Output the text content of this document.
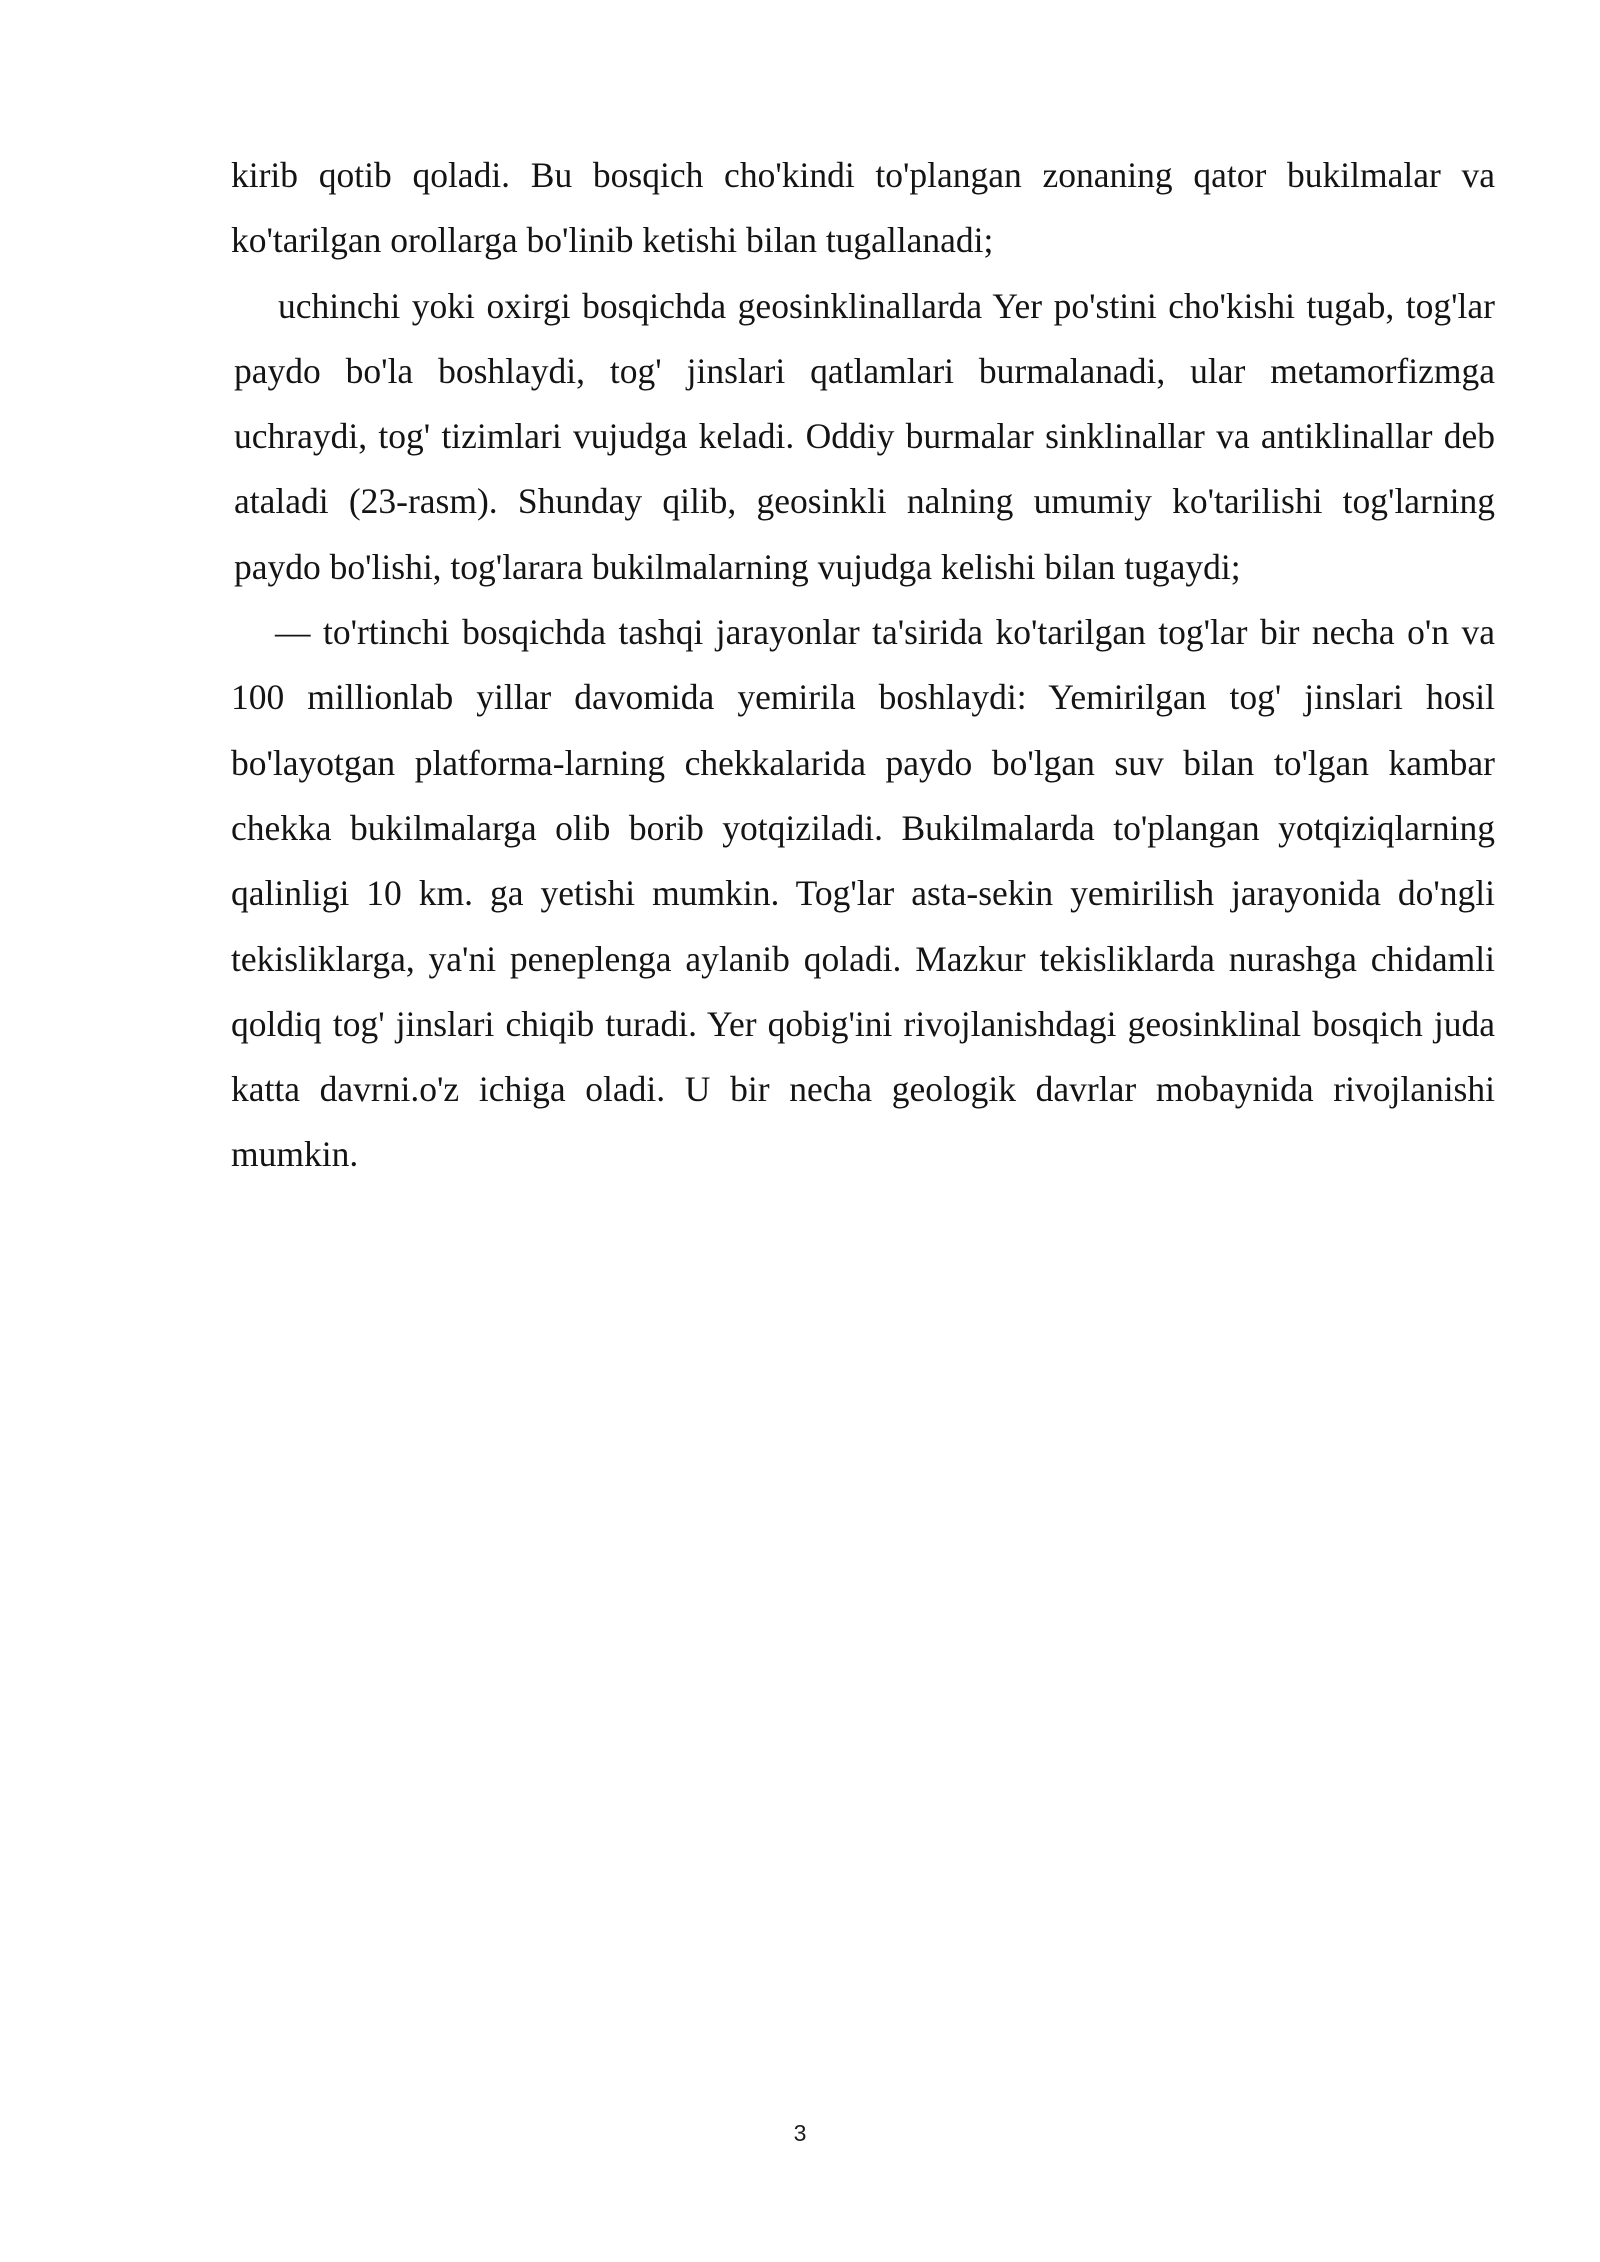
kirib qotib qoladi. Bu bosqich cho'kindi to'plangan zonaning qator bukilmalar va ko'tarilgan orollarga bo'linib ketishi bilan tugallanadi;

uchinchi yoki oxirgi bosqichda geosinklinallarda Yer po'stini cho'kishi tugab, tog'lar paydo bo'la boshlaydi, tog' jinslari qatlamlari burmalanadi, ular metamorfizmga uchraydi, tog' tizimlari vujudga keladi. Oddiy burmalar sinklinallar va antiklinallar deb ataladi (23-rasm). Shunday qilib, geosinkli nalning umumiy ko'tarilishi tog'larning paydo bo'lishi, tog'larara bukilmalarning vujudga kelishi bilan tugaydi;

— to'rtinchi bosqichda tashqi jarayonlar ta'sirida ko'tarilgan tog'lar bir necha o'n va 100 millionlab yillar davomida yemirila boshlaydi: Yemirilgan tog' jinslari hosil bo'layotgan platforma-larning chekkalarida paydo bo'lgan suv bilan to'lgan kambar chekka bukilmalarga olib borib yotqiziladi. Bukilmalarda to'plangan yotqiziqlarning qalinligi 10 km. ga yetishi mumkin. Tog'lar asta-sekin yemirilish jarayonida do'ngli tekisliklarga, ya'ni peneplenga aylanib qoladi. Mazkur tekisliklarda nurashga chidamli qoldiq tog' jinslari chiqib turadi. Yer qobig'ini rivojlanishdagi geosinklinal bosqich juda katta davrni.o'z ichiga oladi. U bir necha geologik davrlar mobaynida rivojlanishi mumkin.

3
